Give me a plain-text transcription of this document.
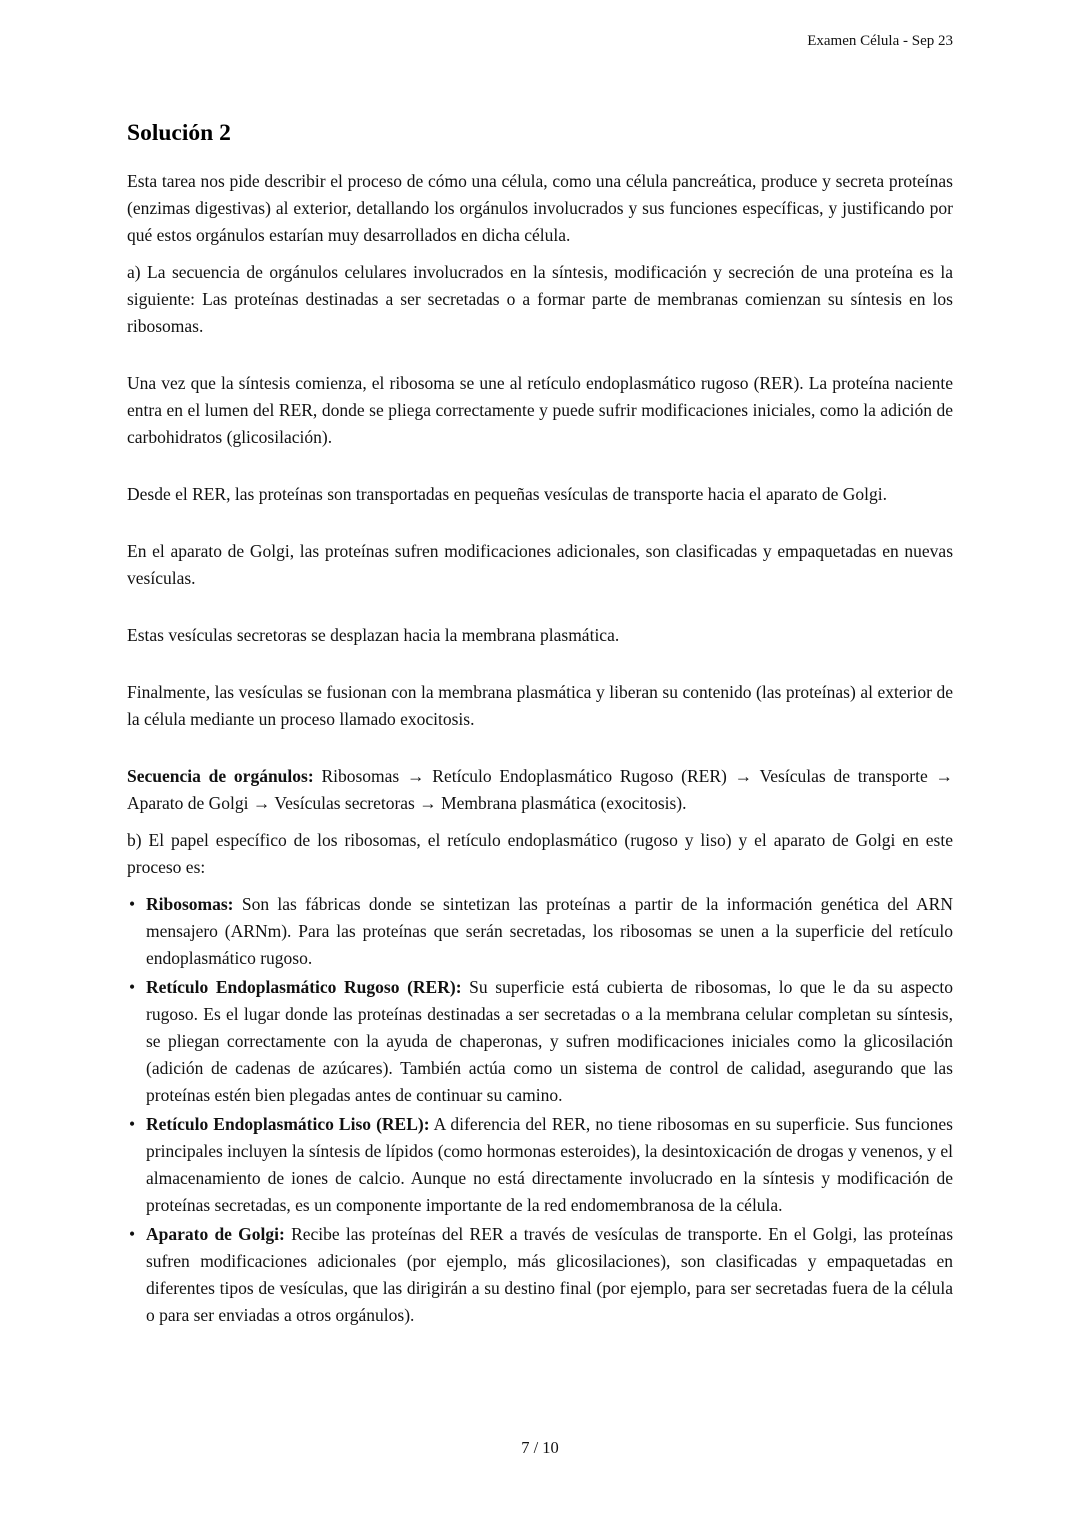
Examen Célula - Sep 23
Solución 2

Esta tarea nos pide describir el proceso de cómo una célula, como una célula pancreática, produce y secreta proteínas (enzimas digestivas) al exterior, detallando los orgánulos involucrados y sus funciones específicas, y justificando por qué estos orgánulos estarían muy desarrollados en dicha célula.

a) La secuencia de orgánulos celulares involucrados en la síntesis, modificación y secreción de una proteína es la siguiente: Las proteínas destinadas a ser secretadas o a formar parte de membranas comienzan su síntesis en los ribosomas.

Una vez que la síntesis comienza, el ribosoma se une al retículo endoplasmático rugoso (RER). La proteína naciente entra en el lumen del RER, donde se pliega correctamente y puede sufrir modificaciones iniciales, como la adición de carbohidratos (glicosilación).

Desde el RER, las proteínas son transportadas en pequeñas vesículas de transporte hacia el aparato de Golgi.

En el aparato de Golgi, las proteínas sufren modificaciones adicionales, son clasificadas y empaquetadas en nuevas vesículas.

Estas vesículas secretoras se desplazan hacia la membrana plasmática.

Finalmente, las vesículas se fusionan con la membrana plasmática y liberan su contenido (las proteínas) al exterior de la célula mediante un proceso llamado exocitosis.

Secuencia de orgánulos: Ribosomas → Retículo Endoplasmático Rugoso (RER) → Vesículas de transporte → Aparato de Golgi → Vesículas secretoras → Membrana plasmática (exocitosis).

b) El papel específico de los ribosomas, el retículo endoplasmático (rugoso y liso) y el aparato de Golgi en este proceso es:

• Ribosomas: Son las fábricas donde se sintetizan las proteínas a partir de la información genética del ARN mensajero (ARNm). Para las proteínas que serán secretadas, los ribosomas se unen a la superficie del retículo endoplasmático rugoso.
• Retículo Endoplasmático Rugoso (RER): Su superficie está cubierta de ribosomas, lo que le da su aspecto rugoso. Es el lugar donde las proteínas destinadas a ser secretadas o a la membrana celular completan su síntesis, se pliegan correctamente con la ayuda de chaperonas, y sufren modificaciones iniciales como la glicosilación (adición de cadenas de azúcares). También actúa como un sistema de control de calidad, asegurando que las proteínas estén bien plegadas antes de continuar su camino.
• Retículo Endoplasmático Liso (REL): A diferencia del RER, no tiene ribosomas en su superficie. Sus funciones principales incluyen la síntesis de lípidos (como hormonas esteroides), la desintoxicación de drogas y venenos, y el almacenamiento de iones de calcio. Aunque no está directamente involucrado en la síntesis y modificación de proteínas secretadas, es un componente importante de la red endomembranosa de la célula.
• Aparato de Golgi: Recibe las proteínas del RER a través de vesículas de transporte. En el Golgi, las proteínas sufren modificaciones adicionales (por ejemplo, más glicosilaciones), son clasificadas y empaquetadas en diferentes tipos de vesículas, que las dirigirán a su destino final (por ejemplo, para ser secretadas fuera de la célula o para ser enviadas a otros orgánulos).
7 / 10
